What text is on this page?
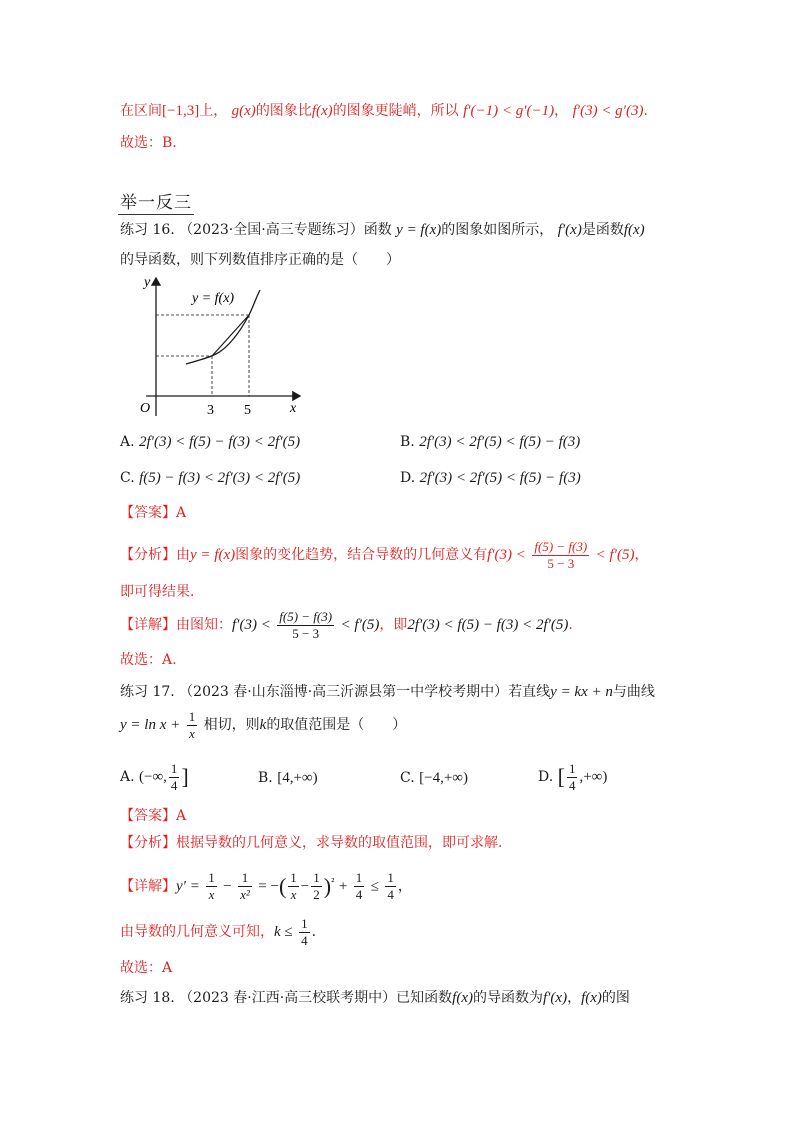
在区间[−1,3]上， g(x)的图象比f(x)的图象更陡峭，所以 f′(−1) < g′(−1)， f′(3) < g′(3).
故选：B.
举一反三
练习 16. （2023·全国·高三专题练习）函数 y = f(x)的图象如图所示， f′(x)是函数f(x)
的导函数，则下列数值排序正确的是（　　）
y
x
O	3 5
y = f(x)
A. 2f′(3) < f(5) − f(3) < 2f′(5)	B. 2f′(3) < 2f′(5) < f(5) − f(3)
C. f(5) − f(3) < 2f′(3) < 2f′(5)	D. 2f′(3) < 2f′(5) < f(5) − f(3)
【答案】A
【分析】由y = f(x)图象的变化趋势，结合导数的几何意义有$f'(3) < \frac{f(5) - f(3)}{5 - 3} < f'(5)$，
即可得结果.
【详解】由图知：$f'(3) < \frac{f(5) - f(3)}{5 - 3} < f'(5)$，即2f′(3) < f(5) − f(3) < 2f′(5).
故选：A.
练习 17. （2023 春·山东淄博·高三沂源县第一中学校考期中）若直线y = kx + n与曲线
$y = \ln x + \frac{1}{x}$ 相切，则k的取值范围是（　　）
A. (−∞, $\frac{1}{4}$ ]	B. [4,+∞)	C. [−4,+∞)	D. [ $\frac{1}{4}$ ,+∞)
【答案】A
【分析】根据导数的几何意义，求导数的取值范围，即可求解.
【详解】$y' = \frac{1}{x} - \frac{1}{\text{x²}}$ = −( $\frac{1}{x} - \frac{1}{2} )^{^2} + \frac{1}{4} \le \frac{1}{4}$ ，
由导数的几何意义可知，$k \le \frac{1}{4}$ .
故选：A
练习 18. （2023 春·江西·高三校联考期中）已知函数f(x)的导函数为f′(x)，f(x)的图
